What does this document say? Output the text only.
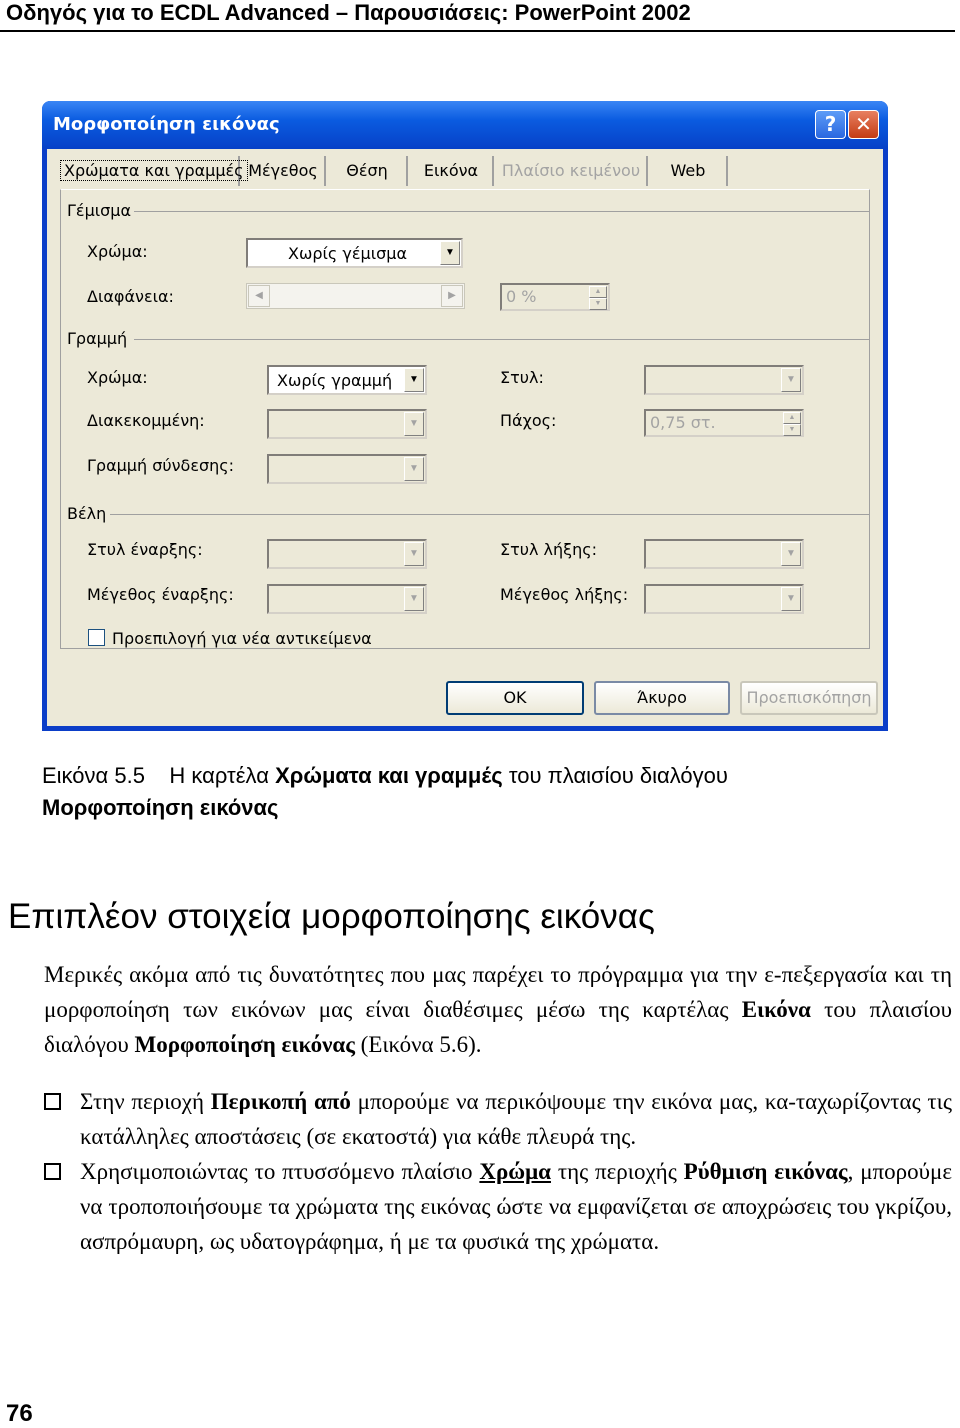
Οδηγός για το ECDL Advanced – Παρουσιάσεις: PowerPoint 2002
Μορφοποίηση εικόνας	? ✕
Χρώματα και γραμμές Μέγεθος	Θέση	Εικόνα	Πλαίσιο κειμένου	Web
Γέμισμα
Χρώμα:	Χωρίς γέμισμα	▼
Διαφάνεια:	◀	▶	0 %	▲
▼
Γραμμή
Χρώμα:	Χωρίς γραμμή	▼
Διακεκομμένη:	▼
Γραμμή σύνδεσης:	▼
Στυλ:	▼
Πάχος:	0,75 στ.	▲
▼
Βέλη
Στυλ έναρξης:	▼
Μέγεθος έναρξης:	▼
Στυλ λήξης:	▼
Μέγεθος λήξης:	▼
Προεπιλογή για νέα αντικείμενα
OK	Άκυρο	Προεπισκόπηση
Εικόνα 5.5 Η καρτέλα Χρώματα και γραμμές του πλαισίου διαλόγου
Μορφοποίηση εικόνας
Επιπλέον στοιχεία μορφοποίησης εικόνας
Μερικές ακόμα από τις δυνατότητες που μας παρέχει το πρόγραμμα για την ε-πεξεργασία και τη μορφοποίηση των εικόνων μας είναι διαθέσιμες μέσω της καρτέλας Εικόνα του πλαισίου διαλόγου Μορφοποίηση εικόνας (Εικόνα 5.6).
Στην περιοχή Περικοπή από μπορούμε να περικόψουμε την εικόνα μας, κα-ταχωρίζοντας τις κατάλληλες αποστάσεις (σε εκατοστά) για κάθε πλευρά της.
Χρησιμοποιώντας το πτυσσόμενο πλαίσιο Χρώμα της περιοχής Ρύθμιση εικόνας, μπορούμε να τροποποιήσουμε τα χρώματα της εικόνας ώστε να εμφανίζεται σε αποχρώσεις του γκρίζου, ασπρόμαυρη, ως υδατογράφημα, ή με τα φυσικά της χρώματα.
76
